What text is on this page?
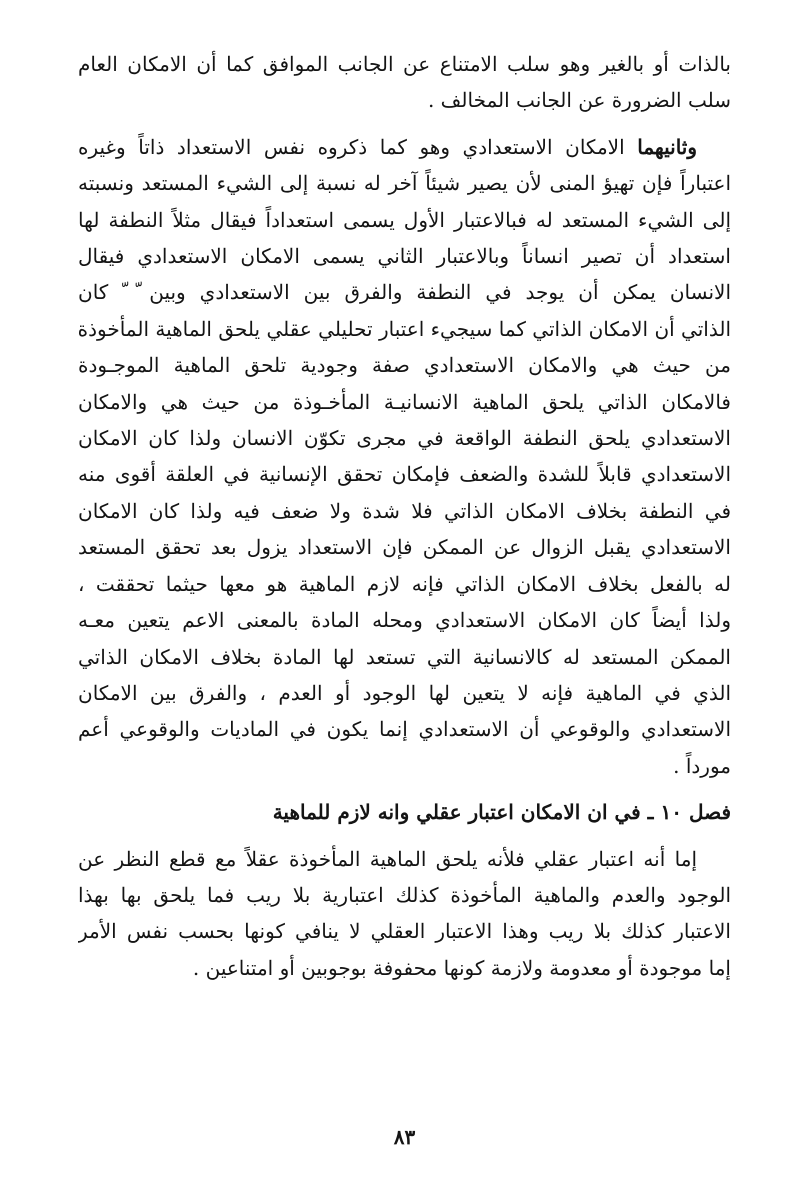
بالذات أو بالغير وهو سلب الامتناع عن الجانب الموافق كما أن الامكان العام
سلب الضرورة عن الجانب المخالف .
وثانيهما الامكان الاستعدادي وهو كما ذكروه نفس الاستعداد ذاتاً وغيره
اعتباراً فإن تهيؤ المنى لأن يصير شيئاً آخر له نسبة إلى الشيء المستعد ونسبته
إلى الشيء المستعد له فبالاعتبار الأول يسمى استعداداً فيقال مثلاً النطفة لها
استعداد أن تصير انساناً وبالاعتبار الثاني يسمى الامكان الاستعدادي فيقال
الانسان يمكن أن يوجد في النطفة والفرق بين الاستعدادي وبين ّ ّ كان
الذاتي أن الامكان الذاتي كما سيجيء اعتبار تحليلي عقلي يلحق الماهية المأخوذة
من حيث هي والامكان الاستعدادي صفة وجودية تلحق الماهية الموجـودة
فالامكان الذاتي يلحق الماهية الانسانيـة المأخـوذة من حيث هي والامكان
الاستعدادي يلحق النطفة الواقعة في مجرى تكوّن الانسان ولذا كان الامكان
الاستعدادي قابلاً للشدة والضعف فإمكان تحقق الإنسانية في العلقة أقوى منه
في النطفة بخلاف الامكان الذاتي فلا شدة ولا ضعف فيه ولذا كان الامكان
الاستعدادي يقبل الزوال عن الممكن فإن الاستعداد يزول بعد تحقق المستعد
له بالفعل بخلاف الامكان الذاتي فإنه لازم الماهية هو معها حيثما تحققت ،
ولذا أيضاً كان الامكان الاستعدادي ومحله المادة بالمعنى الاعم يتعين معـه
الممكن المستعد له كالانسانية التي تستعد لها المادة بخلاف الامكان الذاتي
الذي في الماهية فإنه لا يتعين لها الوجود أو العدم ، والفرق بين الامكان
الاستعدادي والوقوعي أن الاستعدادي إنما يكون في الماديات والوقوعي أعم
مورداً .
فصل ١٠ ـ في ان الامكان اعتبار عقلي وانه لازم للماهية
إما أنه اعتبار عقلي فلأنه يلحق الماهية المأخوذة عقلاً مع قطع النظر عن
الوجود والعدم والماهية المأخوذة كذلك اعتبارية بلا ريب فما يلحق بها بهذا
الاعتبار كذلك بلا ريب وهذا الاعتبار العقلي لا ينافي كونها بحسب نفس الأمر
إما موجودة أو معدومة ولازمة كونها محفوفة بوجوبين أو امتناعين .
٨٣
